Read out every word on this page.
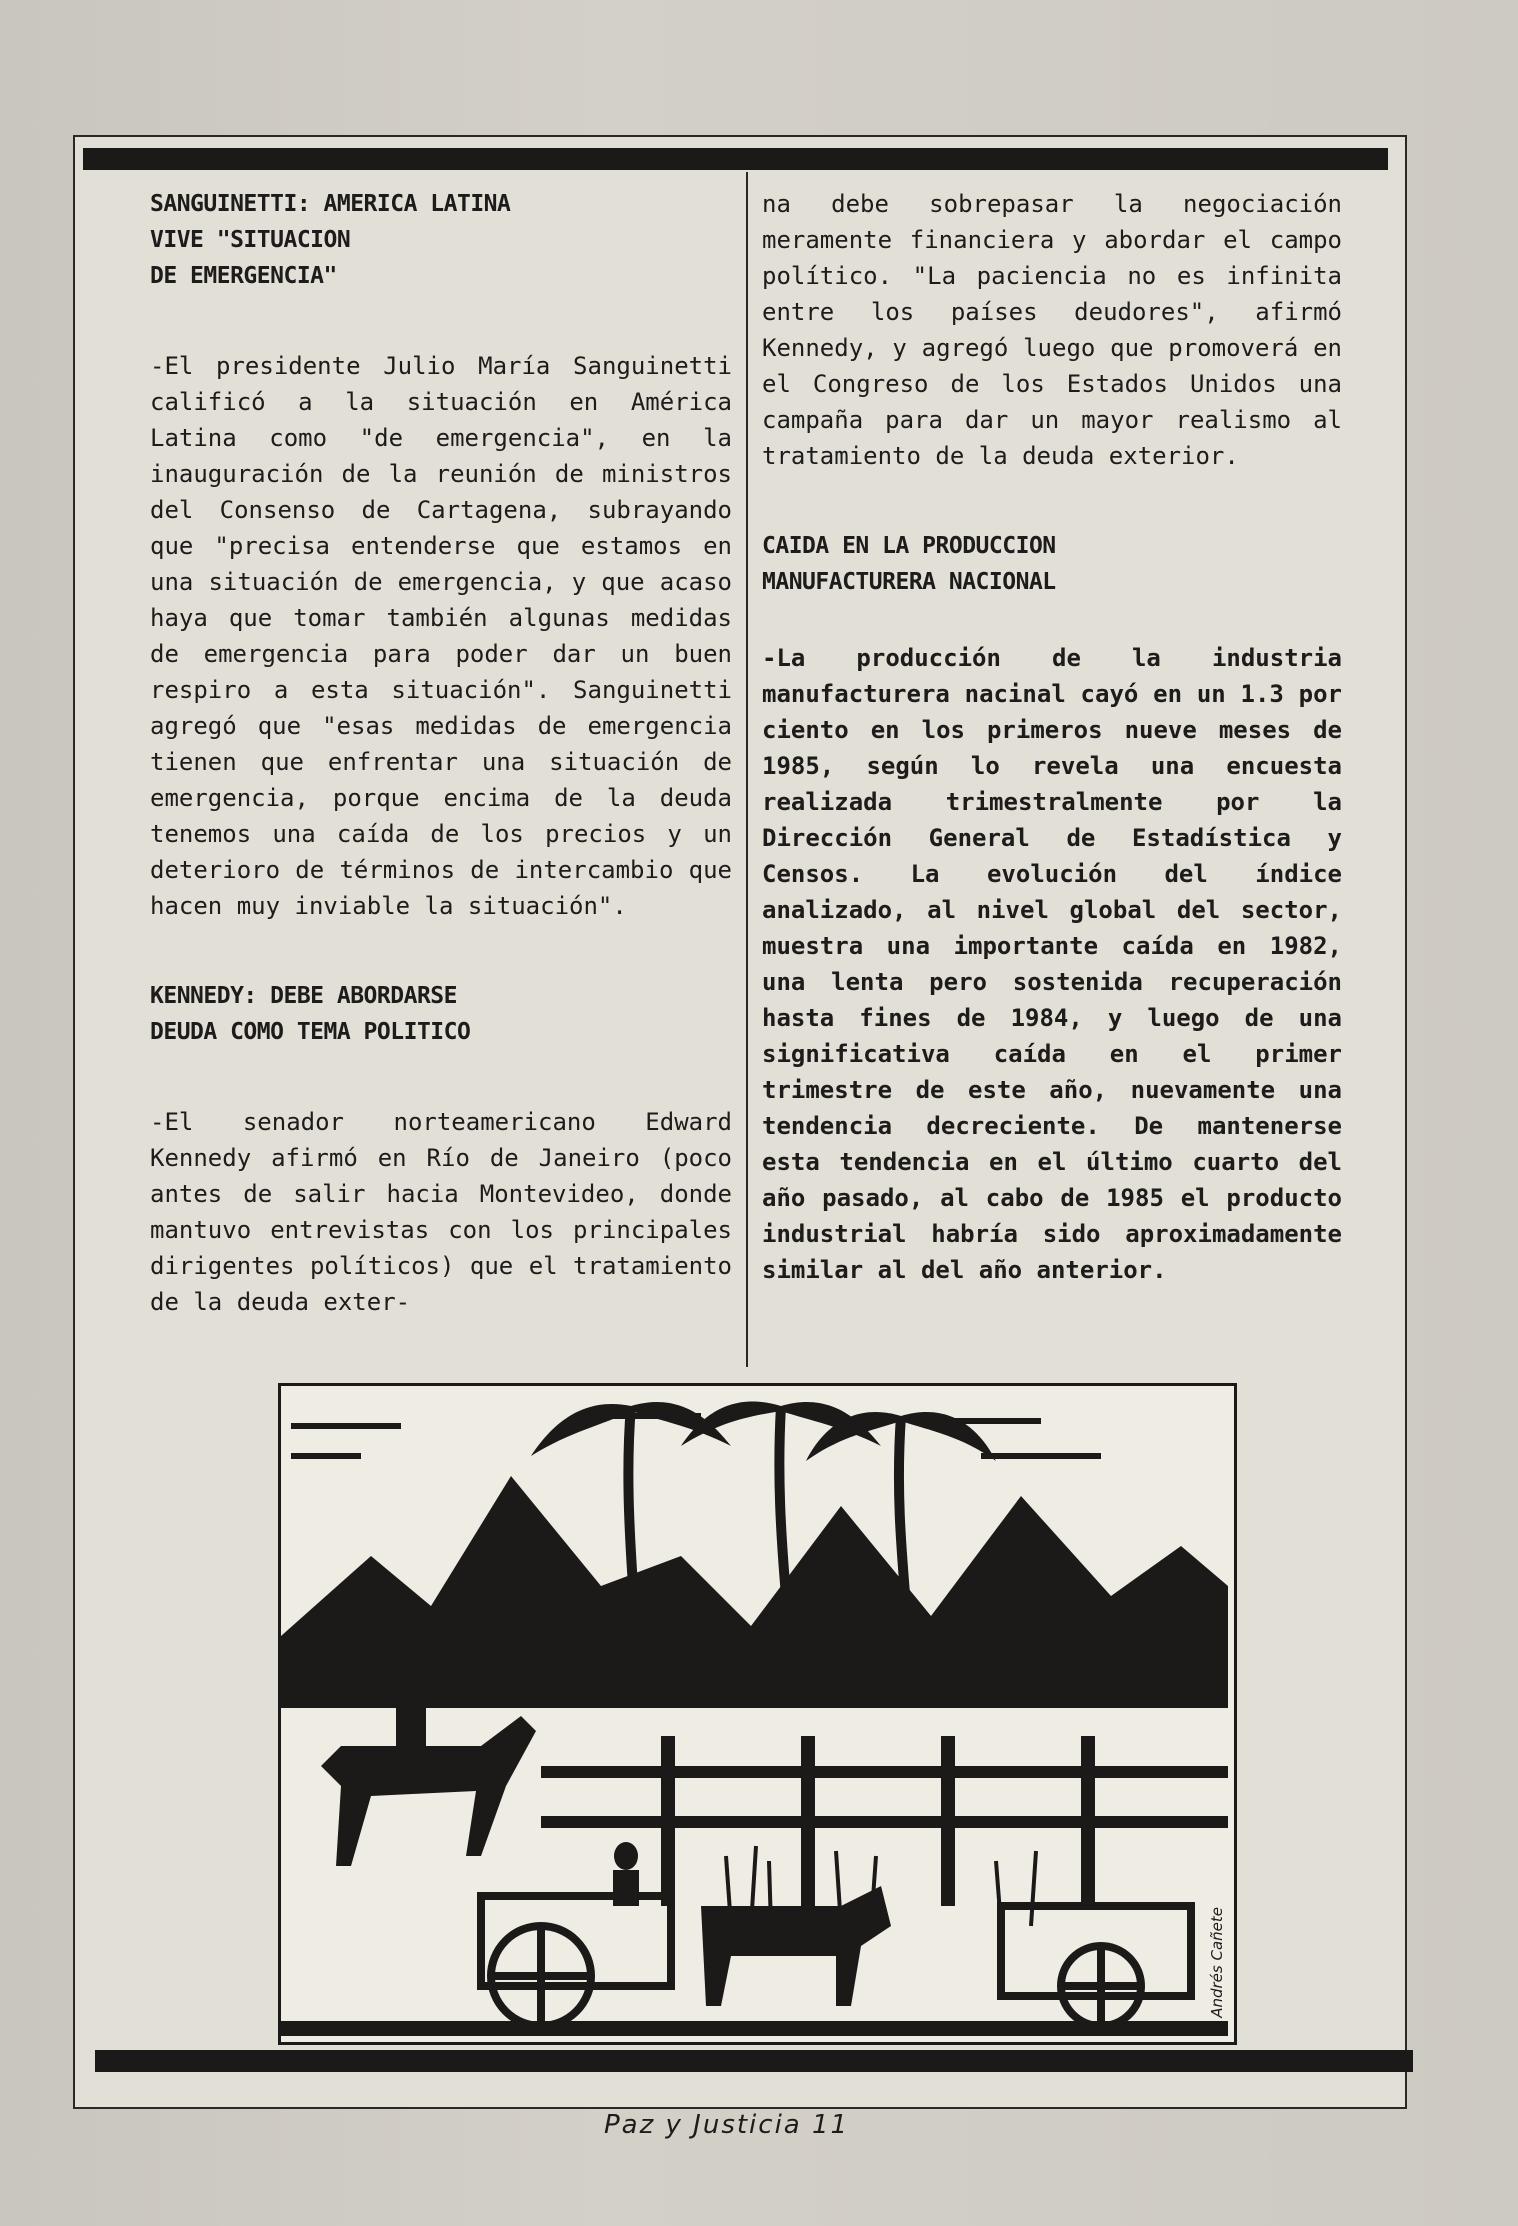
SANGUINETTI: AMERICA LATINA
VIVE "SITUACION
DE EMERGENCIA"

-El presidente Julio María Sanguinetti calificó a la situación en América Latina como "de emergencia", en la inauguración de la reunión de ministros del Consenso de Cartagena, subrayando que "precisa entenderse que estamos en una situación de emergencia, y que acaso haya que tomar también algunas medidas de emergencia para poder dar un buen respiro a esta situación". Sanguinetti agregó que "esas medidas de emergencia tienen que enfrentar una situación de emergencia, porque encima de la deuda tenemos una caída de los precios y un deterioro de términos de intercambio que hacen muy inviable la situación".

KENNEDY: DEBE ABORDARSE
DEUDA COMO TEMA POLITICO

-El senador norteamericano Edward Kennedy afirmó en Río de Janeiro (poco antes de salir hacia Montevideo, donde mantuvo entrevistas con los principales dirigentes políticos) que el tratamiento de la deuda exter-

na debe sobrepasar la negociación meramente financiera y abordar el campo político. "La paciencia no es infinita entre los países deudores", afirmó Kennedy, y agregó luego que promoverá en el Congreso de los Estados Unidos una campaña para dar un mayor realismo al tratamiento de la deuda exterior.

CAIDA EN LA PRODUCCION
MANUFACTURERA NACIONAL

-La producción de la industria manufacturera nacinal cayó en un 1.3 por ciento en los primeros nueve meses de 1985, según lo revela una encuesta realizada trimestralmente por la Dirección General de Estadística y Censos. La evolución del índice analizado, al nivel global del sector, muestra una importante caída en 1982, una lenta pero sostenida recuperación hasta fines de 1984, y luego de una significativa caída en el primer trimestre de este año, nuevamente una tendencia decreciente. De mantenerse esta tendencia en el último cuarto del año pasado, al cabo de 1985 el producto industrial habría sido aproximadamente similar al del año anterior.

Andrés Cañete
Paz y Justicia 11
